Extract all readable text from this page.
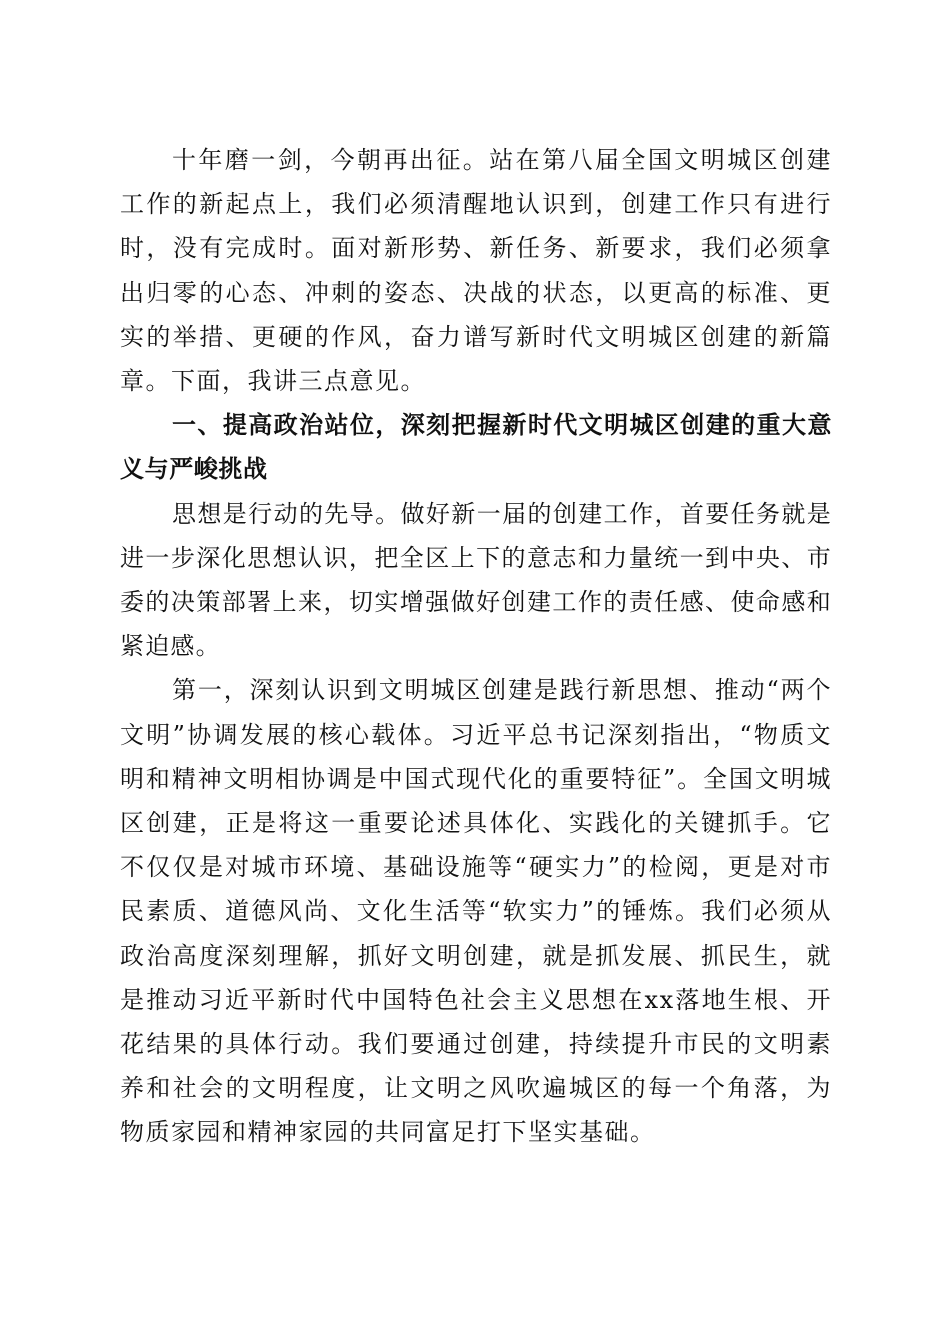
十年磨一剑，今朝再出征。站在第八届全国文明城区创建工作的新起点上，我们必须清醒地认识到，创建工作只有进行时，没有完成时。面对新形势、新任务、新要求，我们必须拿出归零的心态、冲刺的姿态、决战的状态，以更高的标准、更实的举措、更硬的作风，奋力谱写新时代文明城区创建的新篇章。下面，我讲三点意见。

一、提高政治站位，深刻把握新时代文明城区创建的重大意义与严峻挑战

思想是行动的先导。做好新一届的创建工作，首要任务就是进一步深化思想认识，把全区上下的意志和力量统一到中央、市委的决策部署上来，切实增强做好创建工作的责任感、使命感和紧迫感。

第一，深刻认识到文明城区创建是践行新思想、推动“两个文明”协调发展的核心载体。习近平总书记深刻指出，“物质文明和精神文明相协调是中国式现代化的重要特征”。全国文明城区创建，正是将这一重要论述具体化、实践化的关键抓手。它不仅仅是对城市环境、基础设施等“硬实力”的检阅，更是对市民素质、道德风尚、文化生活等“软实力”的锤炼。我们必须从政治高度深刻理解，抓好文明创建，就是抓发展、抓民生，就是推动习近平新时代中国特色社会主义思想在xx落地生根、开花结果的具体行动。我们要通过创建，持续提升市民的文明素养和社会的文明程度，让文明之风吹遍城区的每一个角落，为物质家园和精神家园的共同富足打下坚实基础。
